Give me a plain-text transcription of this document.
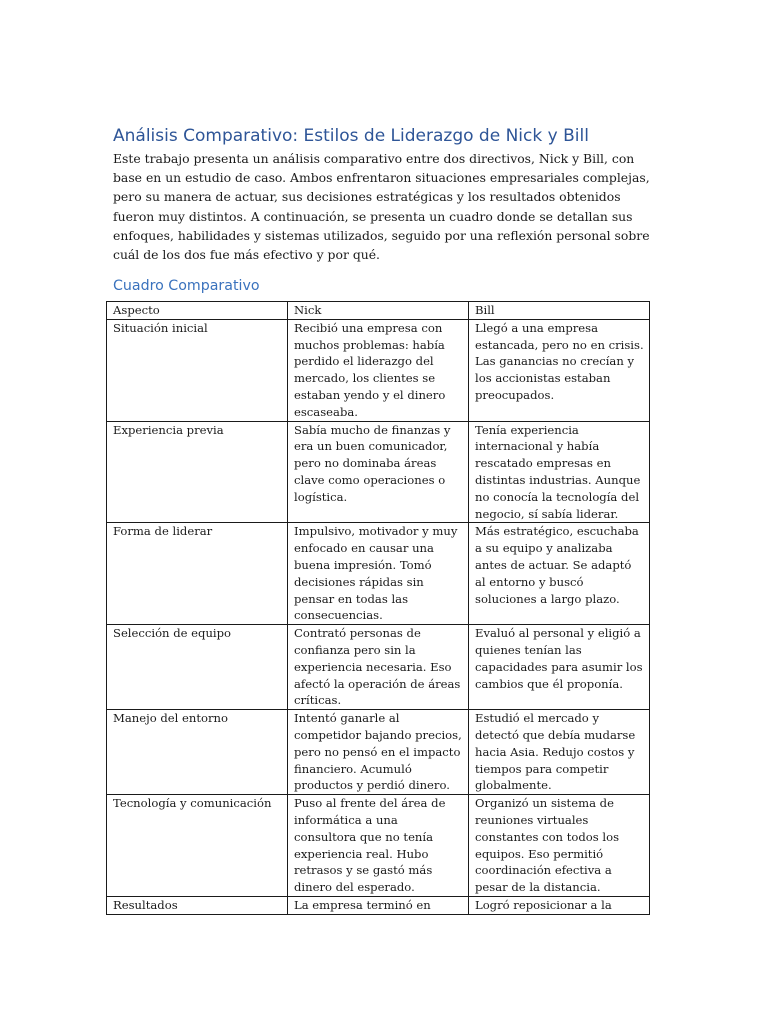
Análisis Comparativo: Estilos de Liderazgo de Nick y Bill

Este trabajo presenta un análisis comparativo entre dos directivos, Nick y Bill, con base en un estudio de caso. Ambos enfrentaron situaciones empresariales complejas, pero su manera de actuar, sus decisiones estratégicas y los resultados obtenidos fueron muy distintos. A continuación, se presenta un cuadro donde se detallan sus enfoques, habilidades y sistemas utilizados, seguido por una reflexión personal sobre cuál de los dos fue más efectivo y por qué.

Cuadro Comparativo
Aspecto	Nick	Bill
Situación inicial	Recibió una empresa con muchos problemas: había perdido el liderazgo del mercado, los clientes se estaban yendo y el dinero escaseaba.	Llegó a una empresa estancada, pero no en crisis. Las ganancias no crecían y los accionistas estaban preocupados.
Experiencia previa	Sabía mucho de finanzas y era un buen comunicador, pero no dominaba áreas clave como operaciones o logística.	Tenía experiencia internacional y había rescatado empresas en distintas industrias. Aunque no conocía la tecnología del negocio, sí sabía liderar.
Forma de liderar	Impulsivo, motivador y muy enfocado en causar una buena impresión. Tomó decisiones rápidas sin pensar en todas las consecuencias.	Más estratégico, escuchaba a su equipo y analizaba antes de actuar. Se adaptó al entorno y buscó soluciones a largo plazo.
Selección de equipo	Contrató personas de confianza pero sin la experiencia necesaria. Eso afectó la operación de áreas críticas.	Evaluó al personal y eligió a quienes tenían las capacidades para asumir los cambios que él proponía.
Manejo del entorno	Intentó ganarle al competidor bajando precios, pero no pensó en el impacto financiero. Acumuló productos y perdió dinero.	Estudió el mercado y detectó que debía mudarse hacia Asia. Redujo costos y tiempos para competir globalmente.
Tecnología y comunicación	Puso al frente del área de informática a una consultora que no tenía experiencia real. Hubo retrasos y se gastó más dinero del esperado.	Organizó un sistema de reuniones virtuales constantes con todos los equipos. Eso permitió coordinación efectiva a pesar de la distancia.
Resultados	La empresa terminó en	Logró reposicionar a la
